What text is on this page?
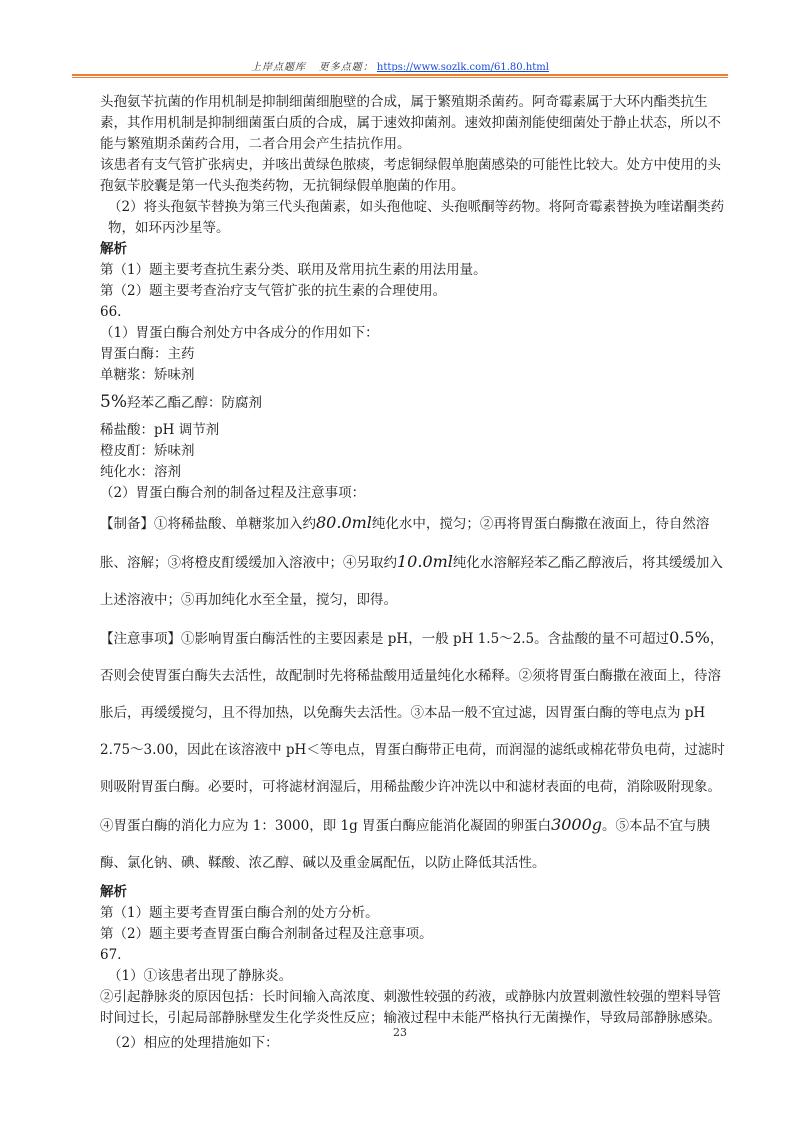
上岸点题库 更多点题： https://www.sozlk.com/61.80.html

头孢氨苄抗菌的作用机制是抑制细菌细胞壁的合成，属于繁殖期杀菌药。阿奇霉素属于大环内酯类抗生素，其作用机制是抑制细菌蛋白质的合成，属于速效抑菌剂。速效抑菌剂能使细菌处于静止状态，所以不能与繁殖期杀菌药合用，二者合用会产生拮抗作用。

该患者有支气管扩张病史，并咳出黄绿色脓痰，考虑铜绿假单胞菌感染的可能性比较大。处方中使用的头孢氨苄胶囊是第一代头孢类药物，无抗铜绿假单胞菌的作用。

（2）将头孢氨苄替换为第三代头孢菌素，如头孢他啶、头孢哌酮等药物。将阿奇霉素替换为喹诺酮类药物，如环丙沙星等。

解析

第（1）题主要考查抗生素分类、联用及常用抗生素的用法用量。

第（2）题主要考查治疗支气管扩张的抗生素的合理使用。

66.

（1）胃蛋白酶合剂处方中各成分的作用如下：

胃蛋白酶：主药

单糖浆：矫味剂

5%羟苯乙酯乙醇：防腐剂

稀盐酸：pH 调节剂

橙皮酊：矫味剂

纯化水：溶剂

（2）胃蛋白酶合剂的制备过程及注意事项：

【制备】①将稀盐酸、单糖浆加入约80.0ml纯化水中，搅匀；②再将胃蛋白酶撒在液面上，待自然溶胀、溶解；③将橙皮酊缓缓加入溶液中；④另取约10.0ml纯化水溶解羟苯乙酯乙醇液后，将其缓缓加入上述溶液中；⑤再加纯化水至全量，搅匀，即得。

【注意事项】①影响胃蛋白酶活性的主要因素是 pH，一般 pH 1.5～2.5。含盐酸的量不可超过0.5%，否则会使胃蛋白酶失去活性，故配制时先将稀盐酸用适量纯化水稀释。②须将胃蛋白酶撒在液面上，待溶胀后，再缓缓搅匀，且不得加热，以免酶失去活性。③本品一般不宜过滤，因胃蛋白酶的等电点为 pH 2.75～3.00，因此在该溶液中 pH＜等电点，胃蛋白酶带正电荷，而润湿的滤纸或棉花带负电荷，过滤时则吸附胃蛋白酶。必要时，可将滤材润湿后，用稀盐酸少许冲洗以中和滤材表面的电荷，消除吸附现象。④胃蛋白酶的消化力应为 1：3000，即 1g 胃蛋白酶应能消化凝固的卵蛋白3000g。⑤本品不宜与胰酶、氯化钠、碘、鞣酸、浓乙醇、碱以及重金属配伍，以防止降低其活性。

解析

第（1）题主要考查胃蛋白酶合剂的处方分析。

第（2）题主要考查胃蛋白酶合剂制备过程及注意事项。

67.

（1）①该患者出现了静脉炎。

②引起静脉炎的原因包括：长时间输入高浓度、刺激性较强的药液，或静脉内放置刺激性较强的塑料导管时间过长，引起局部静脉壁发生化学炎性反应；输液过程中未能严格执行无菌操作，导致局部静脉感染。

（2）相应的处理措施如下：

23
